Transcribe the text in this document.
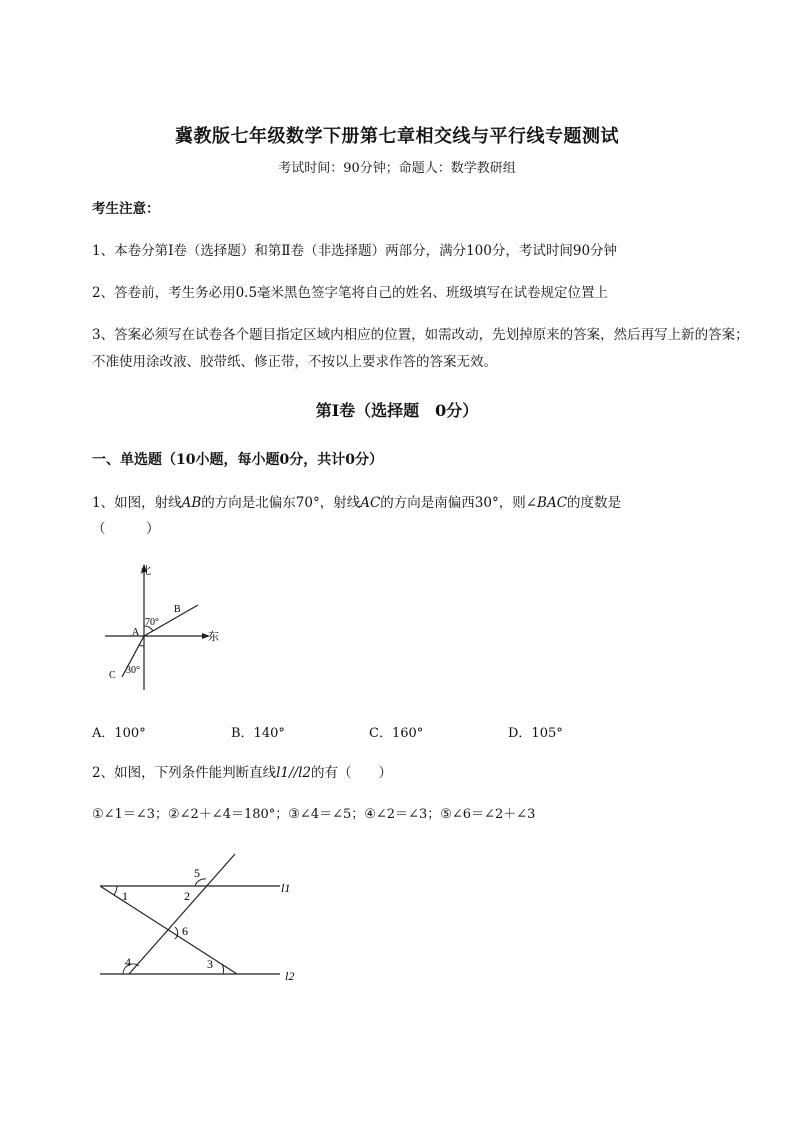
冀教版七年级数学下册第七章相交线与平行线专题测试
考试时间：90分钟；命题人：数学教研组
考生注意：
1、本卷分第I卷（选择题）和第Ⅱ卷（非选择题）两部分，满分100分，考试时间90分钟
2、答卷前，考生务必用0.5毫米黑色签字笔将自己的姓名、班级填写在试卷规定位置上
3、答案必须写在试卷各个题目指定区域内相应的位置，如需改动，先划掉原来的答案，然后再写上新的答案；不准使用涂改液、胶带纸、修正带，不按以上要求作答的答案无效。
第I卷（选择题　0分）
一、单选题（10小题，每小题0分，共计0分）
1、如图，射线AB的方向是北偏东70°，射线AC的方向是南偏西30°，则∠BAC的度数是
（　　　）
北
东
A
B
C
70°
30°
A．100°	B．140°	C．160°	D．105°
2、如图，下列条件能判断直线l1//l2的有（　　）
①∠1＝∠3；②∠2＋∠4＝180°；③∠4＝∠5；④∠2＝∠3；⑤∠6＝∠2＋∠3
1	2
3
4
5
6
l1
l2
